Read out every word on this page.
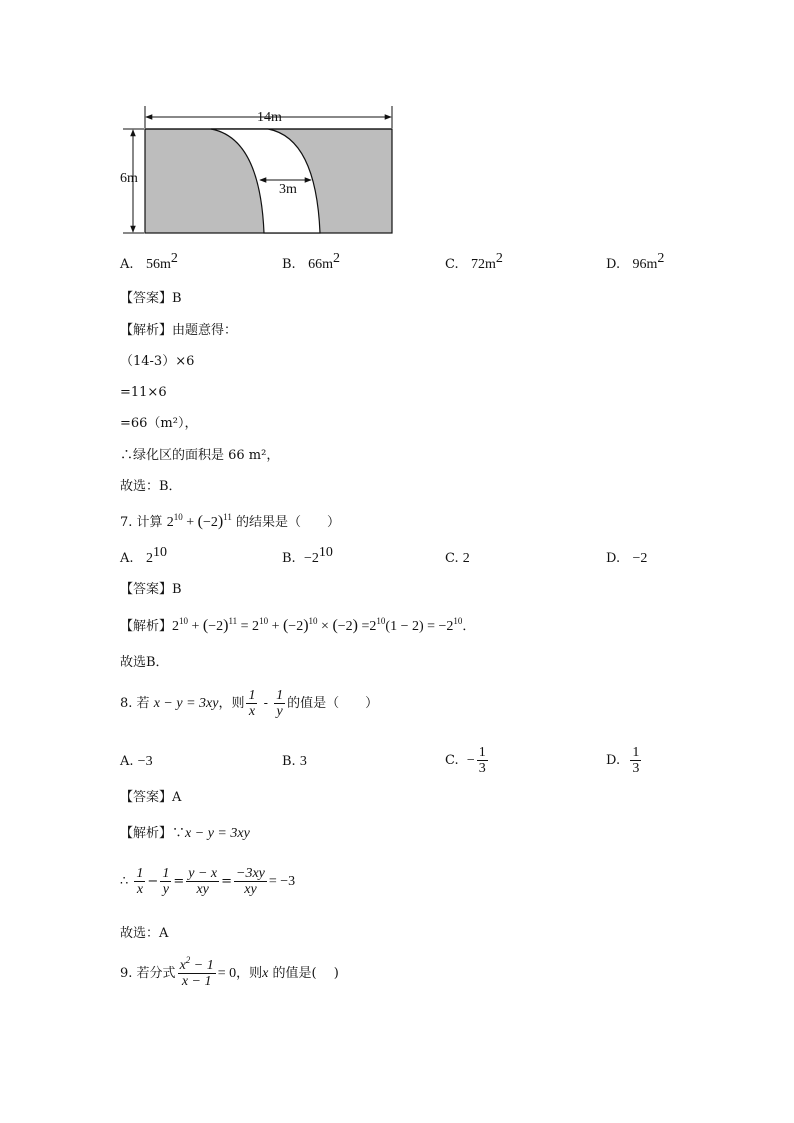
14m
6m
3m
A. $56m^2$	B. $66m^2$	C. $72m^2$	D. $96m^2$
【答案】B
【解析】由题意得：
（14-3）×6
=11×6
=66（m²），
∴绿化区的面积是 66 m²，
故选：B．
7. 计算 $2^{10} + (-2)^{11}$ 的结果是（　　）
A. $2^{10}$	B. $-2^{10}$	C. 2	D. −2
【答案】B
【解析】$2^{10} + (-2)^{11} = 2^{10} + (-2)^{10} \times (-2) =2^{10}(1 - 2) = -2^{10}$．
故选B．
8. 若 x − y = 3xy，则 $\frac{1}{x} - \frac{1}{y}$ 的值是（　　）
A. −3	B. 3	C. − $\frac{1}{3}$	D. $\frac{1}{3}$
【答案】A
【解析】∵x − y = 3xy
∴ $\frac{1}{x} - \frac{1}{y} = \frac{y - x}{xy} = \frac{-3xy}{xy} = -3$
故选：A
9. 若分式 $\frac{x^2 - 1}{x - 1} = 0$，则x 的值是(　 )
